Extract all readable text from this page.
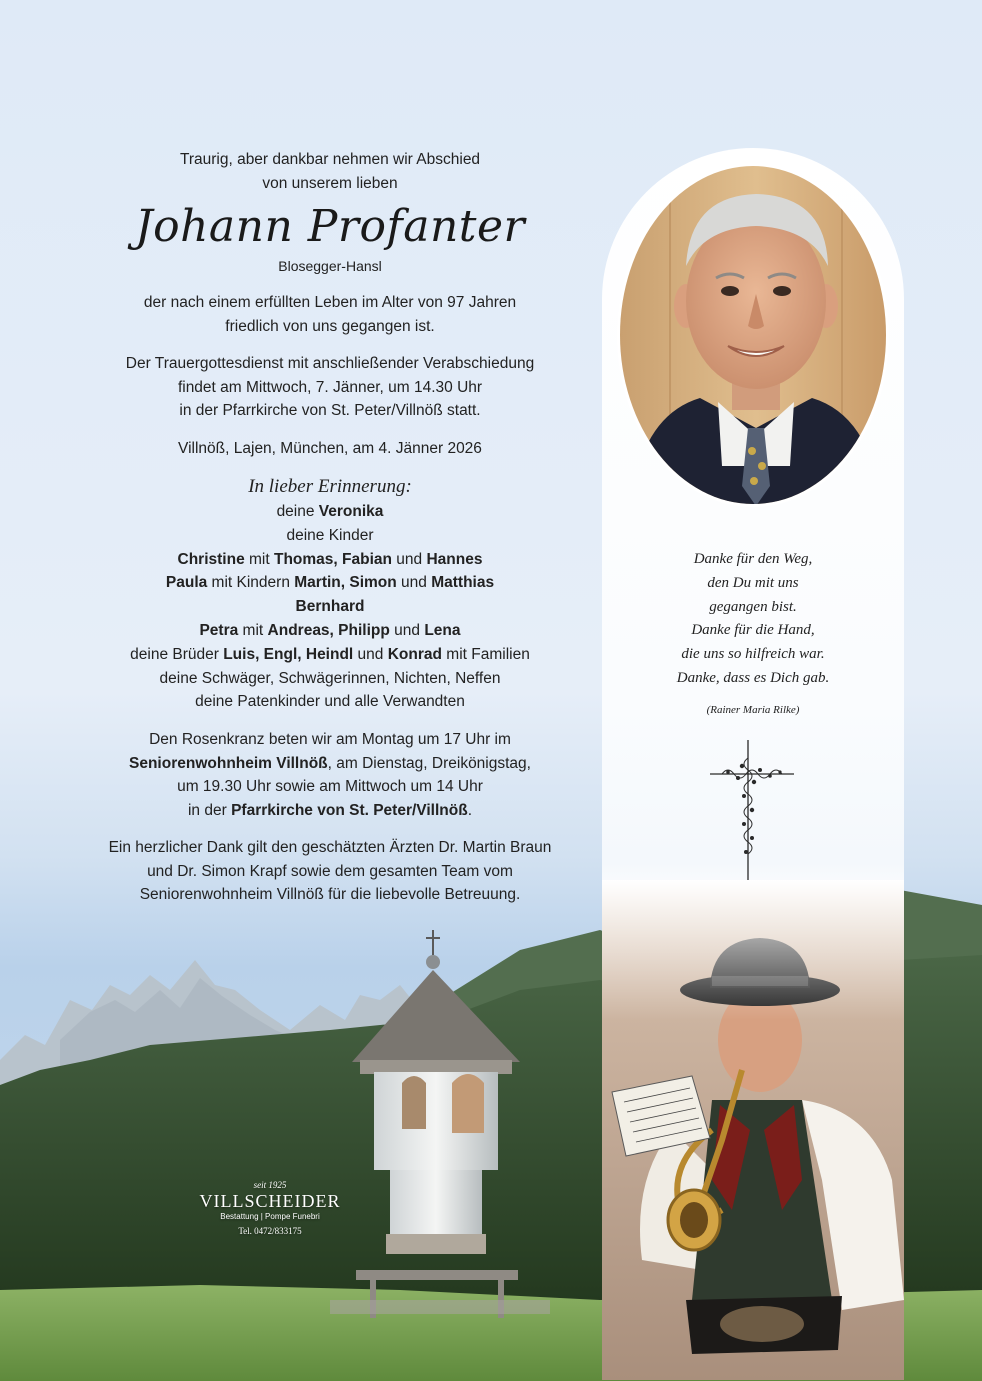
Traurig, aber dankbar nehmen wir Abschied

von unserem lieben

Johann Profanter
Blosegger-Hansl

der nach einem erfüllten Leben im Alter von 97 Jahren

friedlich von uns gegangen ist.

Der Trauergottesdienst mit anschließender Verabschiedung

findet am Mittwoch, 7. Jänner, um 14.30 Uhr

in der Pfarrkirche von St. Peter/Villnöß statt.

Villnöß, Lajen, München, am 4. Jänner 2026
In lieber Erinnerung:

deine Veronika

deine Kinder

Christine mit Thomas, Fabian und Hannes

Paula mit Kindern Martin, Simon und Matthias

Bernhard

Petra mit Andreas, Philipp und Lena

deine Brüder Luis, Engl, Heindl und Konrad mit Familien

deine Schwäger, Schwägerinnen, Nichten, Neffen

deine Patenkinder und alle Verwandten

Den Rosenkranz beten wir am Montag um 17 Uhr im

Seniorenwohnheim Villnöß, am Dienstag, Dreikönigstag,

um 19.30 Uhr sowie am Mittwoch um 14 Uhr

in der Pfarrkirche von St. Peter/Villnöß.

Ein herzlicher Dank gilt den geschätzten Ärzten Dr. Martin Braun

und Dr. Simon Krapf sowie dem gesamten Team vom

Seniorenwohnheim Villnöß für die liebevolle Betreuung.

Danke für den Weg,

den Du mit uns

gegangen bist.

Danke für die Hand,

die uns so hilfreich war.

Danke, dass es Dich gab.

(Rainer Maria Rilke)

seit 1925
VILLSCHEIDER
Bestattung | Pompe Funebri
Tel. 0472/833175
